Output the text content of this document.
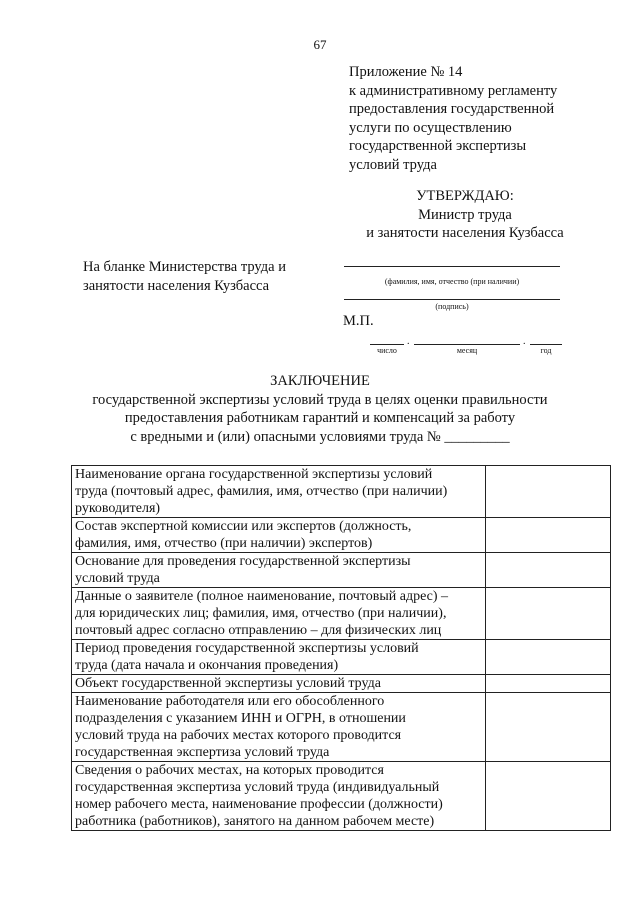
67
Приложение № 14
к административному регламенту
предоставления государственной
услуги по осуществлению
государственной экспертизы
условий труда
УТВЕРЖДАЮ:
Министр труда
и занятости населения Кузбасса
На бланке Министерства труда и
занятости населения Кузбасса	(фамилия, имя, отчество (при наличии)
(подпись)
М.П.
.	.
число	месяц	год
ЗАКЛЮЧЕНИЕ
государственной экспертизы условий труда в целях оценки правильности
предоставления работникам гарантий и компенсаций за работу
с вредными и (или) опасными условиями труда № _________
Наименование органа государственной экспертизы условий
труда (почтовый адрес, фамилия, имя, отчество (при наличии)
руководителя)	

Состав экспертной комиссии или экспертов (должность,
фамилия, имя, отчество (при наличии) экспертов)	

Основание для проведения государственной экспертизы
условий труда	

Данные о заявителе (полное наименование, почтовый адрес) –
для юридических лиц; фамилия, имя, отчество (при наличии),
почтовый адрес согласно отправлению – для физических лиц	

Период проведения государственной экспертизы условий
труда (дата начала и окончания проведения)	

Объект государственной экспертизы условий труда	

Наименование работодателя или его обособленного
подразделения с указанием ИНН и ОГРН, в отношении
условий труда на рабочих местах которого проводится
государственная экспертиза условий труда	

Сведения о рабочих местах, на которых проводится
государственная экспертиза условий труда (индивидуальный
номер рабочего места, наименование профессии (должности)
работника (работников), занятого на данном рабочем месте)	
